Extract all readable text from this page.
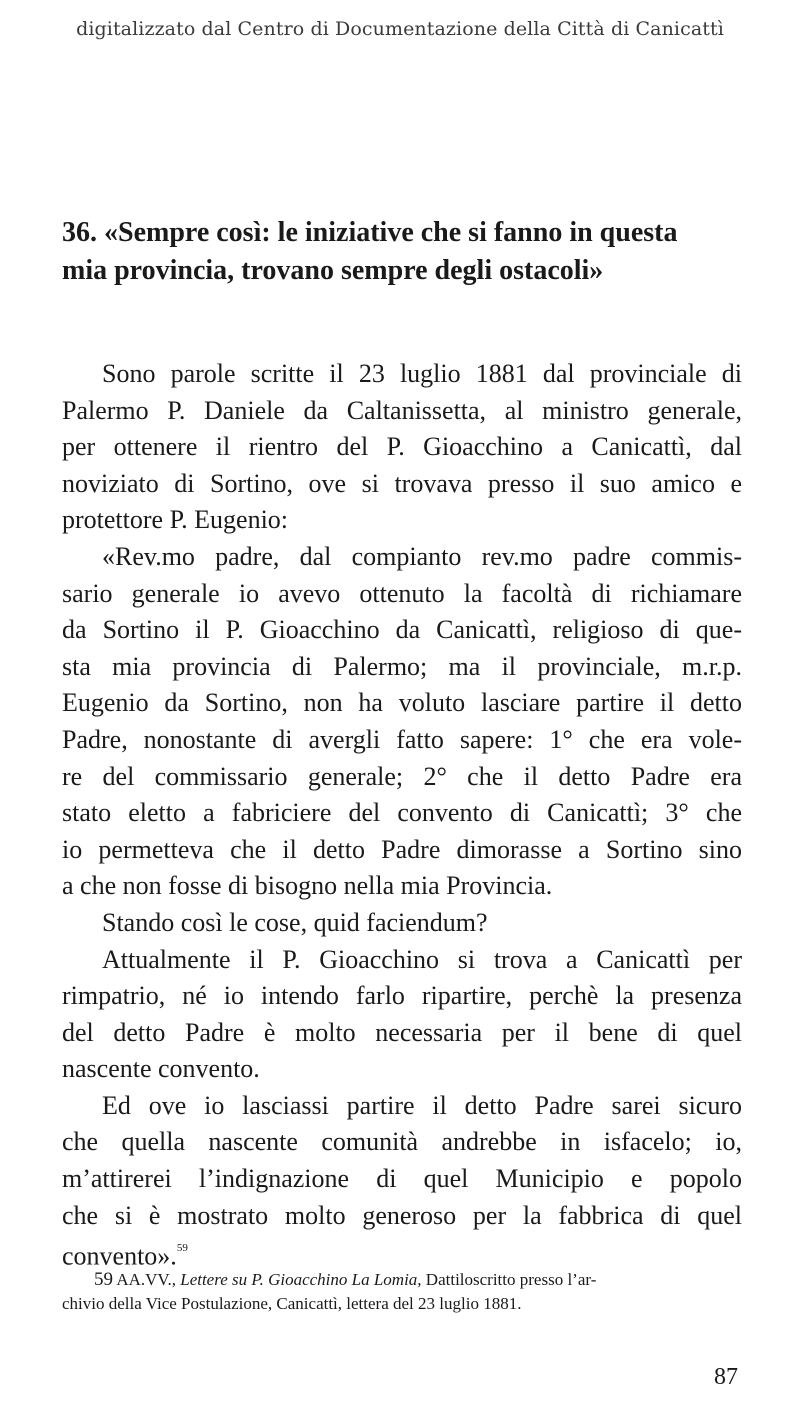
digitalizzato dal Centro di Documentazione della Città di Canicattì
36. «Sempre così: le iniziative che si fanno in questa
mia provincia, trovano sempre degli ostacoli»

Sono parole scritte il 23 luglio 1881 dal provinciale di
Palermo P. Daniele da Caltanissetta, al ministro generale,
per ottenere il rientro del P. Gioacchino a Canicattì, dal
noviziato di Sortino, ove si trovava presso il suo amico e
protettore P. Eugenio:

«Rev.mo padre, dal compianto rev.mo padre commis-
sario generale io avevo ottenuto la facoltà di richiamare
da Sortino il P. Gioacchino da Canicattì, religioso di que-
sta mia provincia di Palermo; ma il provinciale, m.r.p.
Eugenio da Sortino, non ha voluto lasciare partire il detto
Padre, nonostante di avergli fatto sapere: 1° che era vole-
re del commissario generale; 2° che il detto Padre era
stato eletto a fabriciere del convento di Canicattì; 3° che
io permetteva che il detto Padre dimorasse a Sortino sino
a che non fosse di bisogno nella mia Provincia.

Stando così le cose, quid faciendum?

Attualmente il P. Gioacchino si trova a Canicattì per
rimpatrio, né io intendo farlo ripartire, perchè la presenza
del detto Padre è molto necessaria per il bene di quel
nascente convento.

Ed ove io lasciassi partire il detto Padre sarei sicuro
che quella nascente comunità andrebbe in isfacelo; io,
m’attirerei l’indignazione di quel Municipio e popolo
che si è mostrato molto generoso per la fabbrica di quel
convento».$^{59}$

59 AA.VV., Lettere su P. Gioacchino La Lomia, Dattiloscritto presso l’ar-
chivio della Vice Postulazione, Canicattì, lettera del 23 luglio 1881.
87
